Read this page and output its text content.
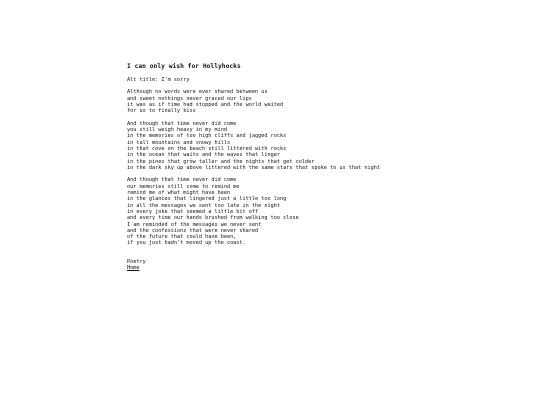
I can only wish for Hollyhocks
Alt title: I'm sorry
Although no words were ever shared between us
and sweet nothings never graced our lips
it was as if time had stopped and the world waited
for us to finally kiss
And though that time never did come
you still weigh heavy in my mind
in the memories of too high cliffs and jagged rocks
in tall mountains and snowy hills
in that cove on the beach still littered with rocks
in the ocean that waits and the waves that linger
in the pines that grow taller and the nights that get colder
in the dark sky up above littered with the same stars that spoke to us that night
And though that time never did come
our memories still come to remind me
remind me of what might have been
in the glances that lingered just a little too long
in all the messages we sent too late in the night
in every joke that seemed a little bit off
and every time our hands brushed from walking too close
I am reminded of the messages we never sent
and the confessions that were never shared
of the future that could have been,
if you just hadn't moved up the coast.
Poetry
Home
